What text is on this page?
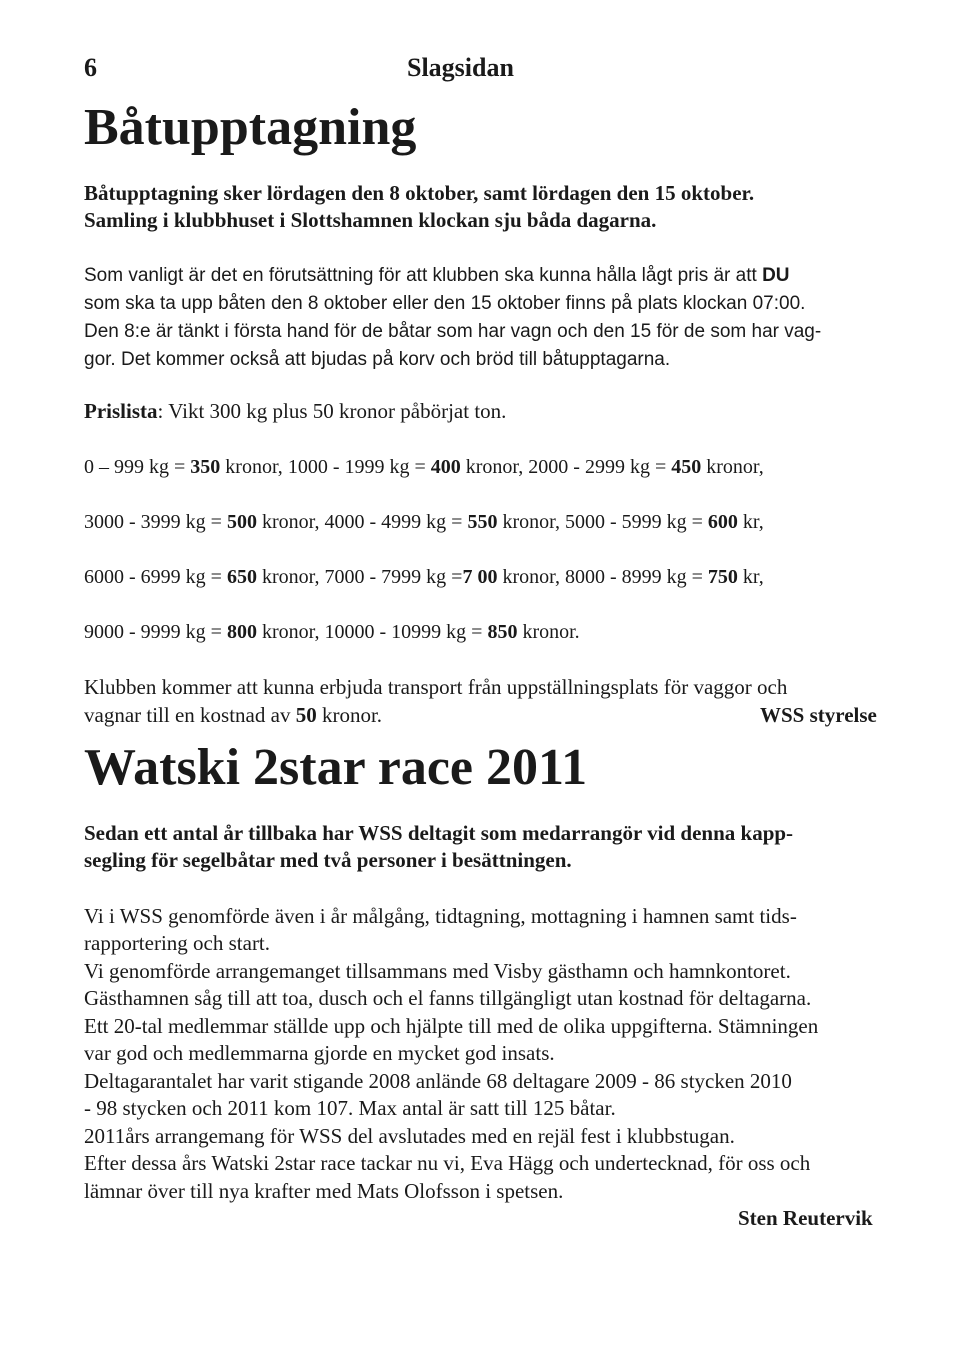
6	Slagsidan
Båtupptagning
Båtupptagning sker lördagen den 8 oktober, samt lördagen den 15 oktober.
Samling i klubbhuset i Slottshamnen klockan sju båda dagarna.
Som vanligt är det en förutsättning för att klubben ska kunna hålla lågt pris är att DU
som ska ta upp båten den 8 oktober eller den 15 oktober finns på plats klockan 07:00.
Den 8:e är tänkt i första hand för de båtar som har vagn och den 15 för de som har vag-
gor. Det kommer också att bjudas på korv och bröd till båtupptagarna.
Prislista: Vikt 300 kg plus 50 kronor påbörjat ton.
0 – 999 kg = 350 kronor, 1000 - 1999 kg = 400 kronor, 2000 - 2999 kg = 450 kronor,
3000 - 3999 kg = 500 kronor, 4000 - 4999 kg = 550 kronor, 5000 - 5999 kg = 600 kr,
6000 - 6999 kg = 650 kronor, 7000 - 7999 kg =7 00 kronor, 8000 - 8999 kg = 750 kr,
9000 - 9999 kg = 800 kronor, 10000 - 10999 kg = 850 kronor.
Klubben kommer att kunna erbjuda transport från uppställningsplats för vaggor och
vagnar till en kostnad av 50 kronor.	WSS styrelse
Watski 2star race 2011
Sedan ett antal år tillbaka har WSS deltagit som medarrangör vid denna kapp-
segling för segelbåtar med två personer i besättningen.
Vi i WSS genomförde även i år målgång, tidtagning, mottagning i hamnen samt tids-
rapportering och start.
Vi genomförde arrangemanget tillsammans med Visby gästhamn och hamnkontoret.
Gästhamnen såg till att toa, dusch och el fanns tillgängligt utan kostnad för deltagarna.
Ett 20-tal medlemmar ställde upp och hjälpte till med de olika uppgifterna. Stämningen
var god och medlemmarna gjorde en mycket god insats.
Deltagarantalet har varit stigande 2008 anlände 68 deltagare 2009 - 86 stycken 2010
- 98 stycken och 2011 kom 107. Max antal är satt till 125 båtar.
2011års arrangemang för WSS del avslutades med en rejäl fest i klubbstugan.
Efter dessa års Watski 2star race tackar nu vi, Eva Hägg och undertecknad, för oss och
lämnar över till nya krafter med Mats Olofsson i spetsen.
Sten Reutervik
